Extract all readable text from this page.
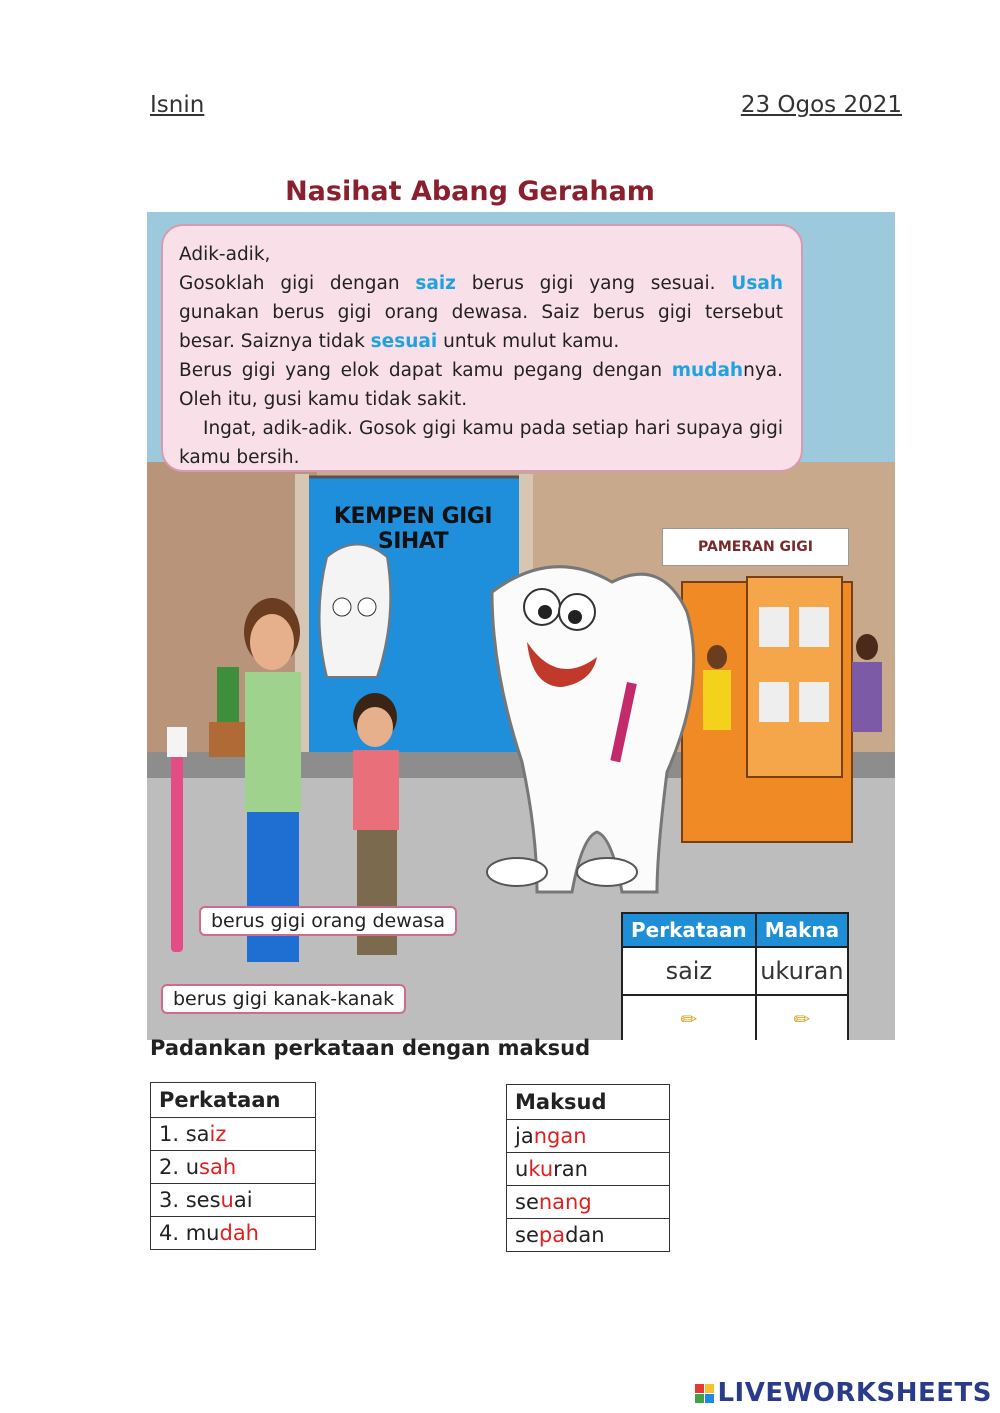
Isnin	23 Ogos 2021
Nasihat Abang Geraham

Adik-adik,

Gosoklah gigi dengan saiz berus gigi yang sesuai. Usah gunakan berus gigi orang dewasa. Saiz berus gigi tersebut besar. Saiznya tidak sesuai untuk mulut kamu.

Berus gigi yang elok dapat kamu pegang dengan mudahnya. Oleh itu, gusi kamu tidak sakit.

Ingat, adik-adik. Gosok gigi kamu pada setiap hari supaya gigi kamu bersih.

KEMPEN GIGI SIHAT	PAMERAN GIGI
berus gigi orang dewasa
berus gigi kanak-kanak
Perkataan	Makna
saiz	ukuran
✏	✏
Padankan perkataan dengan maksud
Perkataan
1. saiz
2. usah
3. sesuai
4. mudah
Maksud
jangan
ukuran
senang
sepadan
LIVEWORKSHEETS
